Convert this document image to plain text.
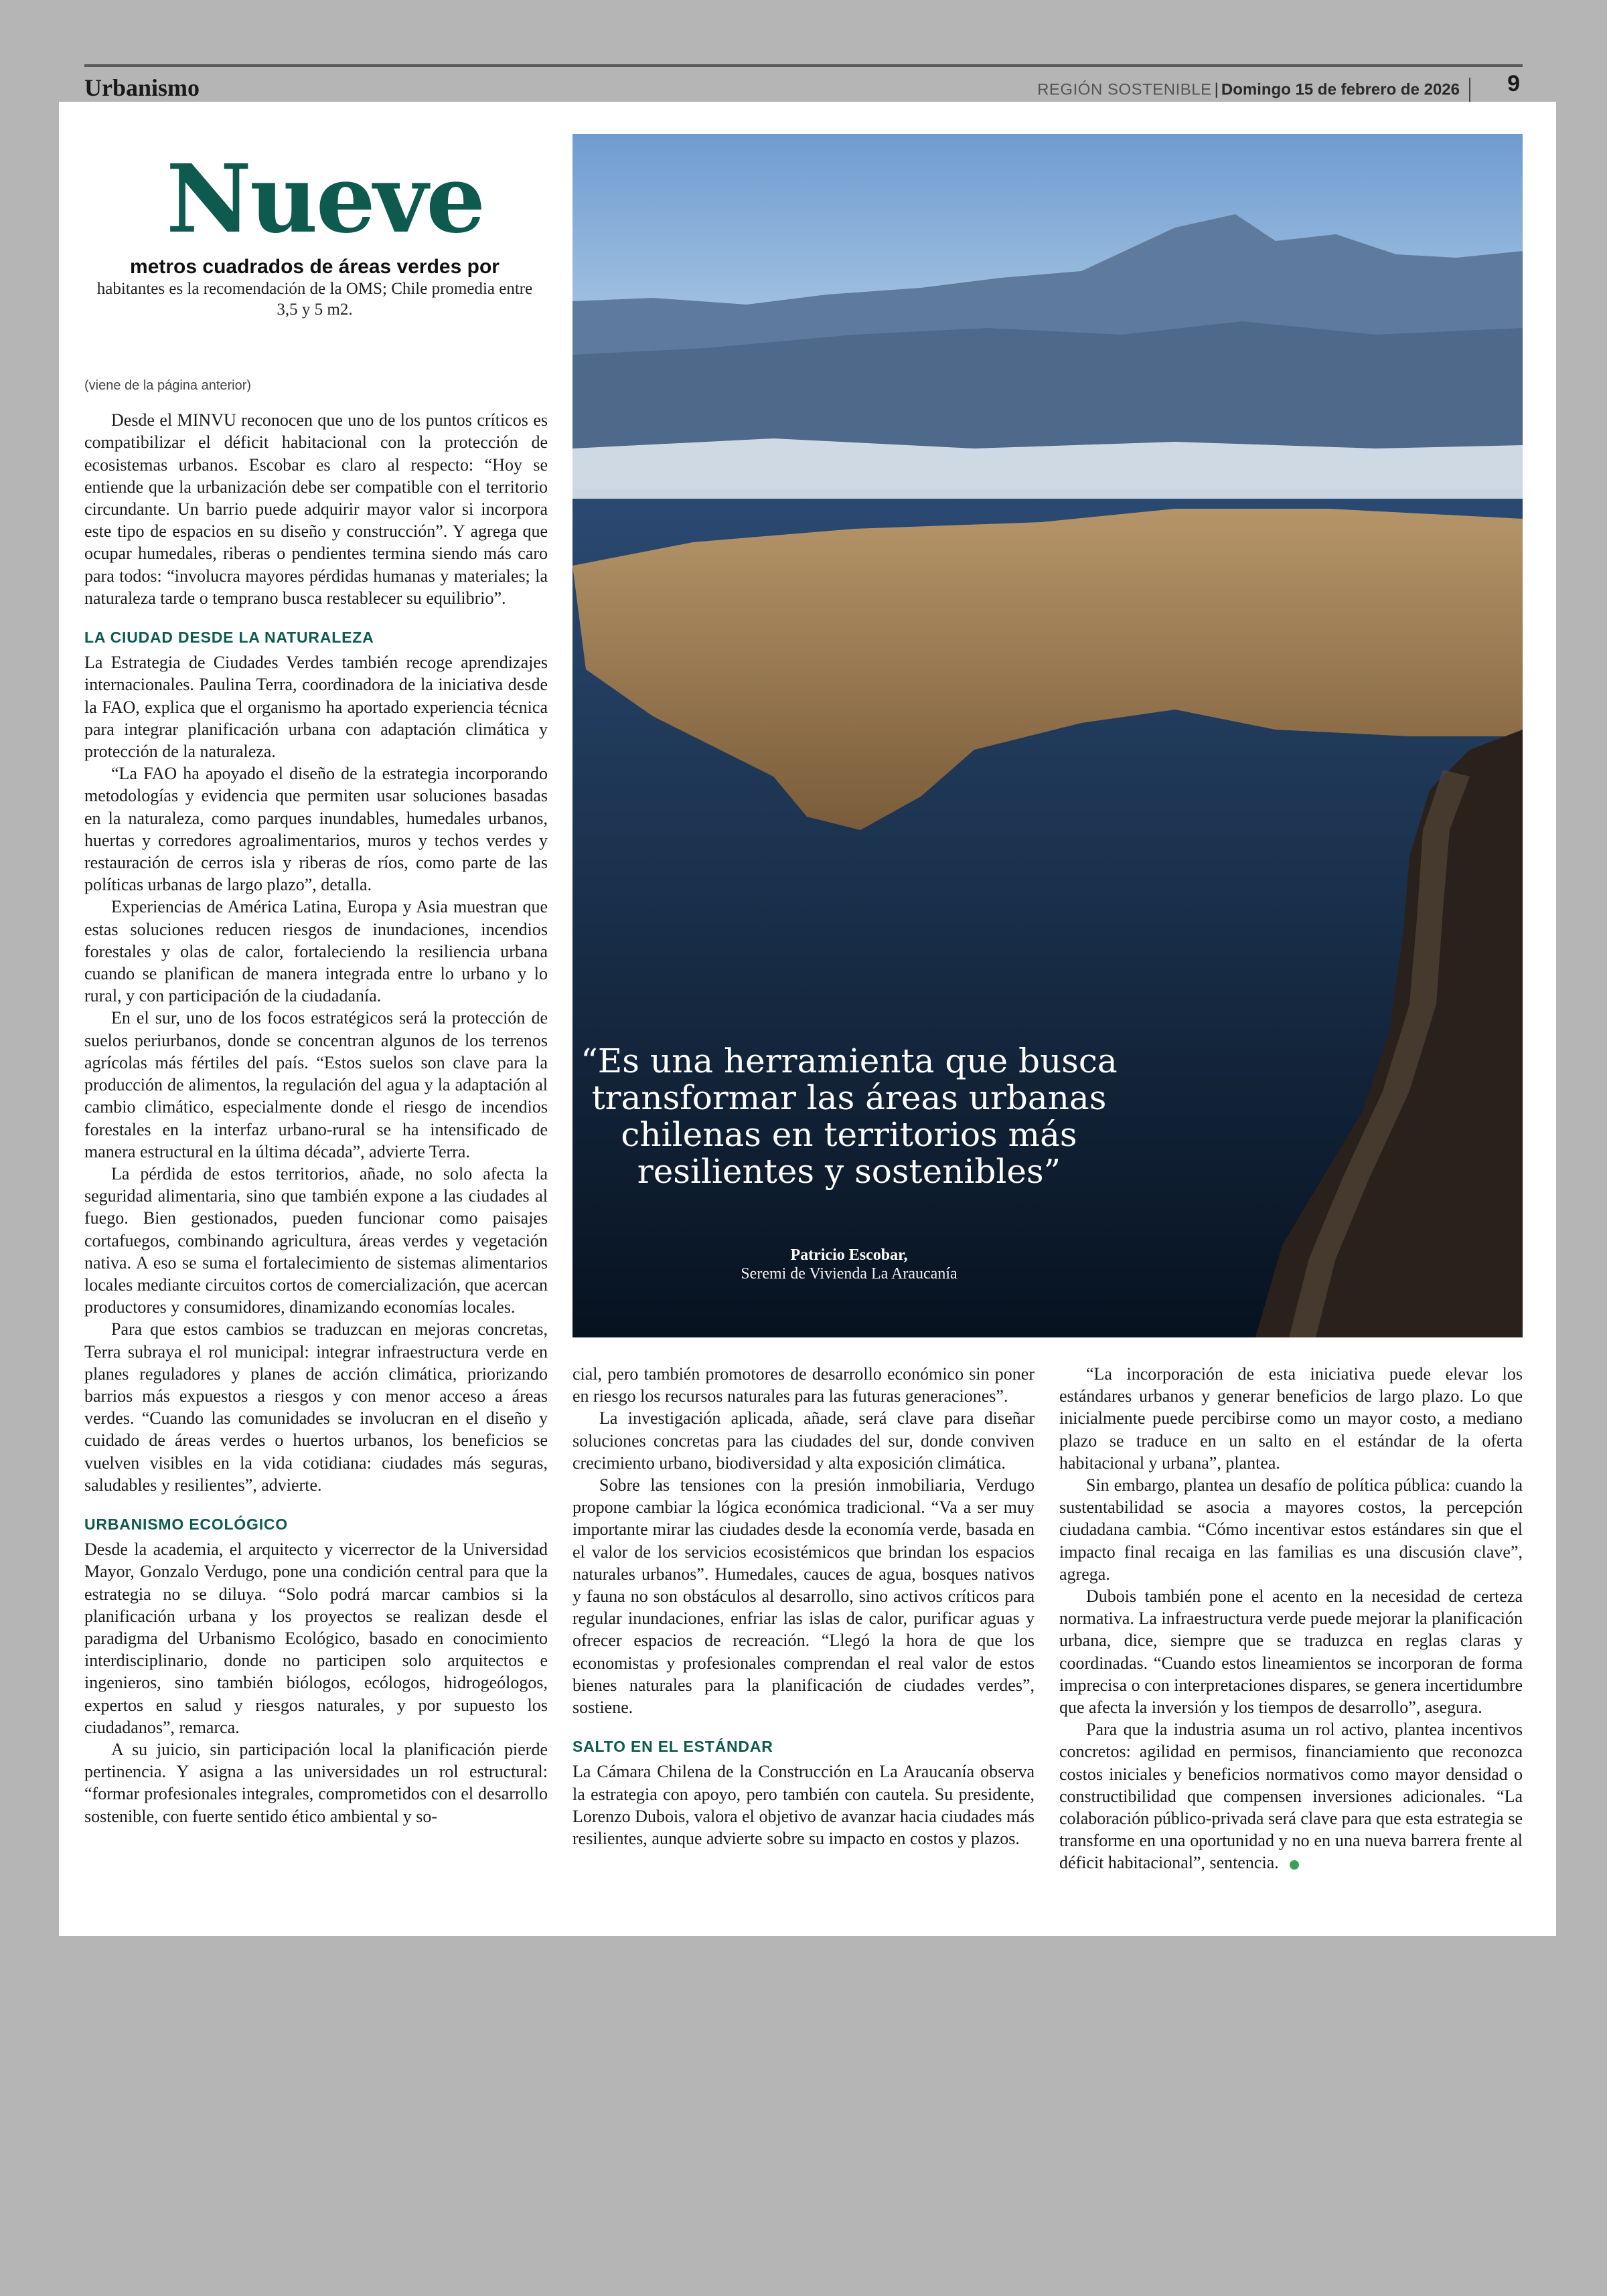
Urbanismo	REGIÓN SOSTENIBLE | Domingo 15 de febrero de 2026	9
Nueve
metros cuadrados de áreas verdes por
habitantes es la recomendación de la OMS; Chile promedia entre 3,5 y 5 m2.
(viene de la página anterior)

Desde el MINVU reconocen que uno de los puntos críticos es compatibilizar el déficit habitacional con la protección de ecosistemas urbanos. Escobar es claro al respecto: “Hoy se entiende que la urbanización debe ser compatible con el territorio circundante. Un barrio puede adquirir mayor valor si incorpora este tipo de espacios en su diseño y construcción”. Y agrega que ocupar humedales, riberas o pendientes termina siendo más caro para todos: “involucra mayores pérdidas humanas y materiales; la naturaleza tarde o temprano busca restablecer su equilibrio”.

LA CIUDAD DESDE LA NATURALEZA

La Estrategia de Ciudades Verdes también recoge aprendizajes internacionales. Paulina Terra, coordinadora de la iniciativa desde la FAO, explica que el organismo ha aportado experiencia técnica para integrar planificación urbana con adaptación climática y protección de la naturaleza.

“La FAO ha apoyado el diseño de la estrategia incorporando metodologías y evidencia que permiten usar soluciones basadas en la naturaleza, como parques inundables, humedales urbanos, huertas y corredores agroalimentarios, muros y techos verdes y restauración de cerros isla y riberas de ríos, como parte de las políticas urbanas de largo plazo”, detalla.

Experiencias de América Latina, Europa y Asia muestran que estas soluciones reducen riesgos de inundaciones, incendios forestales y olas de calor, fortaleciendo la resiliencia urbana cuando se planifican de manera integrada entre lo urbano y lo rural, y con participación de la ciudadanía.

En el sur, uno de los focos estratégicos será la protección de suelos periurbanos, donde se concentran algunos de los terrenos agrícolas más fértiles del país. “Estos suelos son clave para la producción de alimentos, la regulación del agua y la adaptación al cambio climático, especialmente donde el riesgo de incendios forestales en la interfaz urbano-rural se ha intensificado de manera estructural en la última década”, advierte Terra.

La pérdida de estos territorios, añade, no solo afecta la seguridad alimentaria, sino que también expone a las ciudades al fuego. Bien gestionados, pueden funcionar como paisajes cortafuegos, combinando agricultura, áreas verdes y vegetación nativa. A eso se suma el fortalecimiento de sistemas alimentarios locales mediante circuitos cortos de comercialización, que acercan productores y consumidores, dinamizando economías locales.

Para que estos cambios se traduzcan en mejoras concretas, Terra subraya el rol municipal: integrar infraestructura verde en planes reguladores y planes de acción climática, priorizando barrios más expuestos a riesgos y con menor acceso a áreas verdes. “Cuando las comunidades se involucran en el diseño y cuidado de áreas verdes o huertos urbanos, los beneficios se vuelven visibles en la vida cotidiana: ciudades más seguras, saludables y resilientes”, advierte.

URBANISMO ECOLÓGICO

Desde la academia, el arquitecto y vicerrector de la Universidad Mayor, Gonzalo Verdugo, pone una condición central para que la estrategia no se diluya. “Solo podrá marcar cambios si la planificación urbana y los proyectos se realizan desde el paradigma del Urbanismo Ecológico, basado en conocimiento interdisciplinario, donde no participen solo arquitectos e ingenieros, sino también biólogos, ecólogos, hidrogeólogos, expertos en salud y riesgos naturales, y por supuesto los ciudadanos”, remarca.

A su juicio, sin participación local la planificación pierde pertinencia. Y asigna a las universidades un rol estructural: “formar profesionales integrales, comprometidos con el desarrollo sostenible, con fuerte sentido ético ambiental y so-

“Es una herramienta que busca transformar las áreas urbanas chilenas en territorios más resilientes y sostenibles”
Patricio Escobar,
Seremi de Vivienda La Araucanía

cial, pero también promotores de desarrollo económico sin poner en riesgo los recursos naturales para las futuras generaciones”.

La investigación aplicada, añade, será clave para diseñar soluciones concretas para las ciudades del sur, donde conviven crecimiento urbano, biodiversidad y alta exposición climática.

Sobre las tensiones con la presión inmobiliaria, Verdugo propone cambiar la lógica económica tradicional. “Va a ser muy importante mirar las ciudades desde la economía verde, basada en el valor de los servicios ecosistémicos que brindan los espacios naturales urbanos”. Humedales, cauces de agua, bosques nativos y fauna no son obstáculos al desarrollo, sino activos críticos para regular inundaciones, enfriar las islas de calor, purificar aguas y ofrecer espacios de recreación. “Llegó la hora de que los economistas y profesionales comprendan el real valor de estos bienes naturales para la planificación de ciudades verdes”, sostiene.

SALTO EN EL ESTÁNDAR

La Cámara Chilena de la Construcción en La Araucanía observa la estrategia con apoyo, pero también con cautela. Su presidente, Lorenzo Dubois, valora el objetivo de avanzar hacia ciudades más resilientes, aunque advierte sobre su impacto en costos y plazos.

“La incorporación de esta iniciativa puede elevar los estándares urbanos y generar beneficios de largo plazo. Lo que inicialmente puede percibirse como un mayor costo, a mediano plazo se traduce en un salto en el estándar de la oferta habitacional y urbana”, plantea.

Sin embargo, plantea un desafío de política pública: cuando la sustentabilidad se asocia a mayores costos, la percepción ciudadana cambia. “Cómo incentivar estos estándares sin que el impacto final recaiga en las familias es una discusión clave”, agrega.

Dubois también pone el acento en la necesidad de certeza normativa. La infraestructura verde puede mejorar la planificación urbana, dice, siempre que se traduzca en reglas claras y coordinadas. “Cuando estos lineamientos se incorporan de forma imprecisa o con interpretaciones dispares, se genera incertidumbre que afecta la inversión y los tiempos de desarrollo”, asegura.

Para que la industria asuma un rol activo, plantea incentivos concretos: agilidad en permisos, financiamiento que reconozca costos iniciales y beneficios normativos como mayor densidad o constructibilidad que compensen inversiones adicionales. “La colaboración público-privada será clave para que esta estrategia se transforme en una oportunidad y no en una nueva barrera frente al déficit habitacional”, sentencia.
